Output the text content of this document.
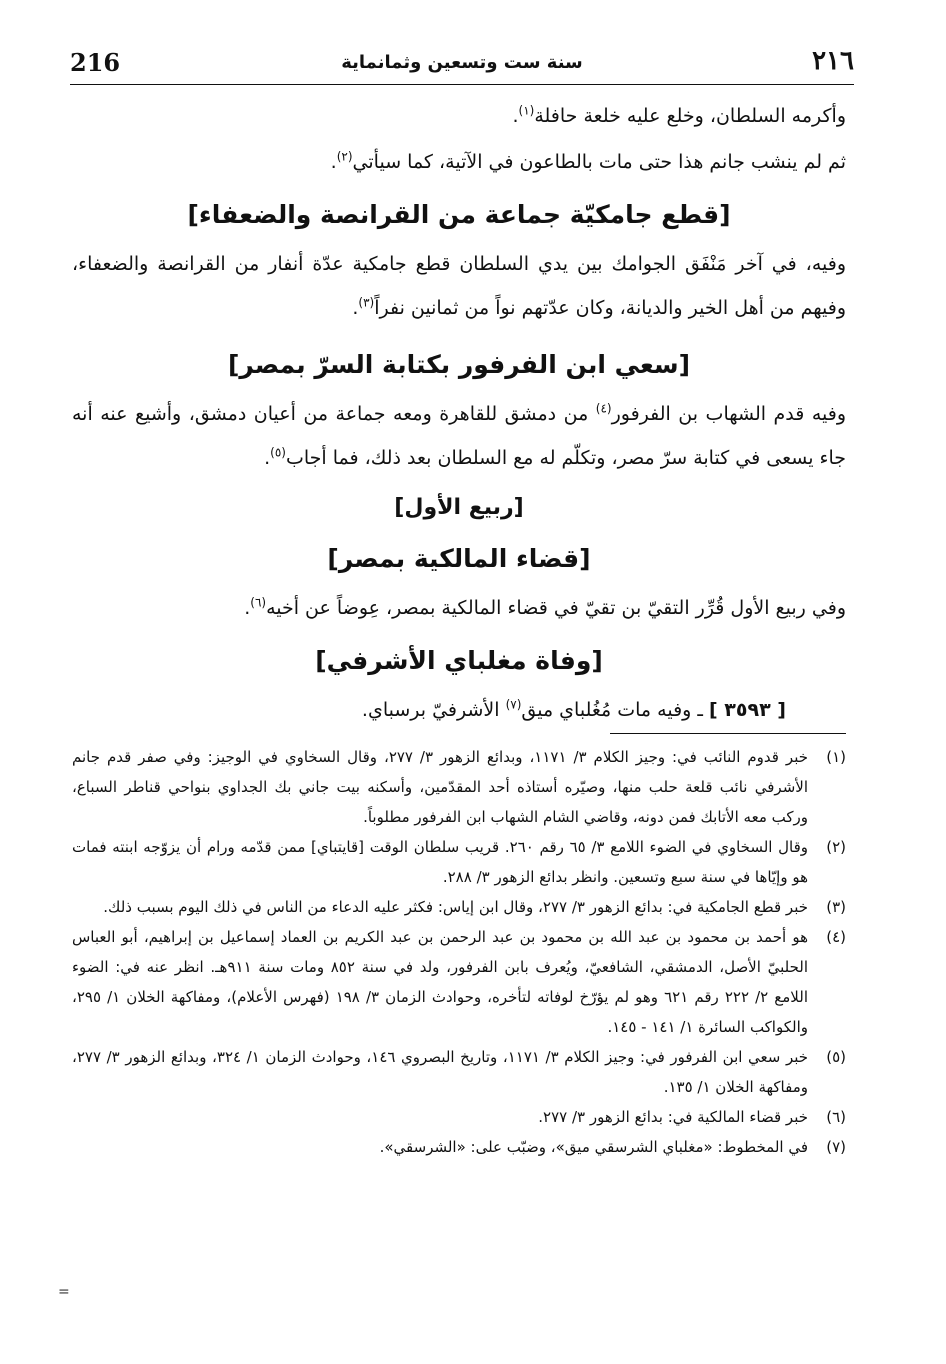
216	سنة ست وتسعين وثمانماية	٢١٦

وأكرمه السلطان، وخلع عليه خلعة حافلة$^{(١)}$.

ثم لم ينشب جانم هذا حتى مات بالطاعون في الآتية، كما سيأتي$^{(٢)}$.

[قطع جامكيّة جماعة من القرانصة والضعفاء]

وفيه، في آخر مَنْفَق الجوامك بين يدي السلطان قطع جامكية عدّة أنفار من القرانصة والضعفاء، وفيهم من أهل الخير والديانة، وكان عدّتهم نواً من ثمانين نفراً$^{(٣)}$.

[سعي ابن الفرفور بكتابة السرّ بمصر]

وفيه قدم الشهاب بن الفرفور$^{(٤)}$ من دمشق للقاهرة ومعه جماعة من أعيان دمشق، وأشيع عنه أنه جاء يسعى في كتابة سرّ مصر، وتكلّم له مع السلطان بعد ذلك، فما أجاب$^{(٥)}$.

[ربيع الأول]

[قضاء المالكية بمصر]

وفي ربيع الأول قُرِّر التقيّ بن تقيّ في قضاء المالكية بمصر، عِوضاً عن أخيه$^{(٦)}$.

[وفاة مغلباي الأشرفي]

[ ٣٥٩٣ ] ـ وفيه مات مُغُلباي ميق$^{(٧)}$ الأشرفيّ برسباي.

(١)
خبر قدوم النائب في: وجيز الكلام ٣/ ١١٧١، وبدائع الزهور ٣/ ٢٧٧، وقال السخاوي في الوجيز: وفي صفر قدم جانم الأشرفي نائب قلعة حلب منها، وصيّره أستاذه أحد المقدّمين، وأسكنه بيت جاني بك الجداوي بنواحي قناطر السباع، وركب معه الأتابك فمن دونه، وقاضي الشام الشهاب ابن الفرفور مطلوباً.

(٢)
وقال السخاوي في الضوء اللامع ٣/ ٦٥ رقم ٢٦٠. قريب سلطان الوقت [قايتباي] ممن قدّمه ورام أن يزوّجه ابنته فمات هو وإيّاها في سنة سبع وتسعين. وانظر بدائع الزهور ٣/ ٢٨٨.

(٣)
خبر قطع الجامكية في: بدائع الزهور ٣/ ٢٧٧، وقال ابن إياس: فكثر عليه الدعاء من الناس في ذلك اليوم بسبب ذلك.

(٤)
هو أحمد بن محمود بن عبد الله بن محمود بن عبد الرحمن بن عبد الكريم بن العماد إسماعيل بن إبراهيم، أبو العباس الحلبيّ الأصل، الدمشقي، الشافعيّ، ويُعرف بابن الفرفور، ولد في سنة ٨٥٢ ومات سنة ٩١١هـ. انظر عنه في: الضوء اللامع ٢/ ٢٢٢ رقم ٦٢١ وهو لم يؤرّخ لوفاته لتأخره، وحوادث الزمان ٣/ ١٩٨ (فهرس الأعلام)، ومفاكهة الخلان ١/ ٢٩٥، والكواكب السائرة ١/ ١٤١ - ١٤٥.

(٥)
خبر سعي ابن الفرفور في: وجيز الكلام ٣/ ١١٧١، وتاريخ البصروي ١٤٦، وحوادث الزمان ١/ ٣٢٤، وبدائع الزهور ٣/ ٢٧٧، ومفاكهة الخلان ١/ ١٣٥.

(٦)
خبر قضاء المالكية في: بدائع الزهور ٣/ ٢٧٧.

(٧)
في المخطوط: «مغلباي الشرسقي ميق»، وضبّب على: «الشرسقي».

=
